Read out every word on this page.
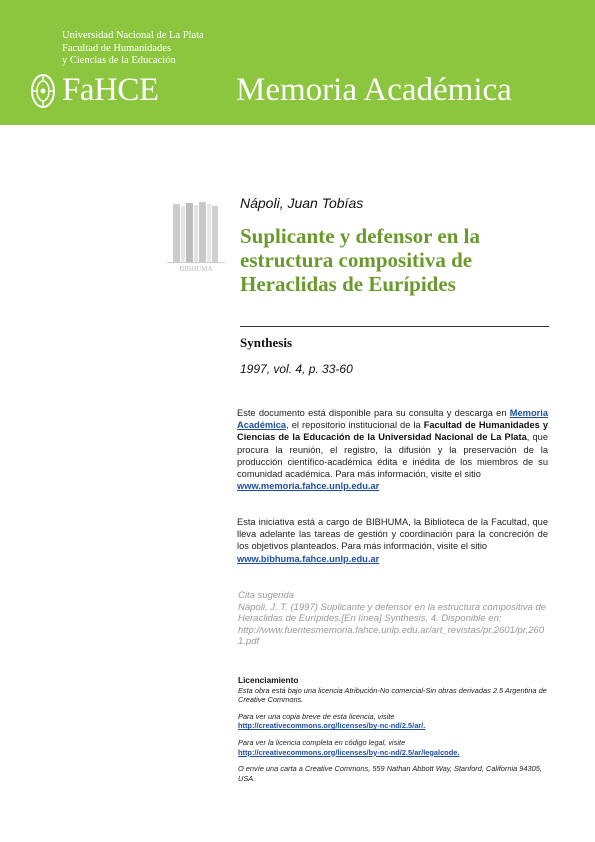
Universidad Nacional de La Plata
Facultad de Humanidades
y Ciencias de la Educación
FaHCE Memoria Académica
BIBHUMA
Nápoli, Juan Tobías
Suplicante y defensor en la estructura compositiva de Heraclidas de Eurípides
Synthesis
1997, vol. 4, p. 33-60
Este documento está disponible para su consulta y descarga en Memoria Académica, el repositorio institucional de la Facultad de Humanidades y Ciencias de la Educación de la Universidad Nacional de La Plata, que procura la reunión, el registro, la difusión y la preservación de la producción científico-académica édita e inédita de los miembros de su comunidad académica. Para más información, visite el sitio
www.memoria.fahce.unlp.edu.ar
Esta iniciativa está a cargo de BIBHUMA, la Biblioteca de la Facultad, que lleva adelante las tareas de gestión y coordinación para la concreción de los objetivos planteados. Para más información, visite el sitio
www.bibhuma.fahce.unlp.edu.ar
Cita sugerida
Nápoli, J. T. (1997) Suplicante y defensor en la estructura compositiva de Heraclidas de Eurípides.[En línea] Synthesis, 4. Disponible en:
http://www.fuentesmemoria.fahce.unlp.edu.ar/art_revistas/pr.2601/pr.2601.pdf
Licenciamiento
Esta obra está bajo una licencia Atribución-No comercial-Sin obras derivadas 2.5 Argentina de Creative Commons.
Para ver una copia breve de esta licencia, visite
http://creativecommons.org/licenses/by-nc-nd/2.5/ar/.
Para ver la licencia completa en código legal, visite
http://creativecommons.org/licenses/by-nc-nd/2.5/ar/legalcode.
O envíe una carta a Creative Commons, 559 Nathan Abbott Way, Stanford, California 94305, USA.
